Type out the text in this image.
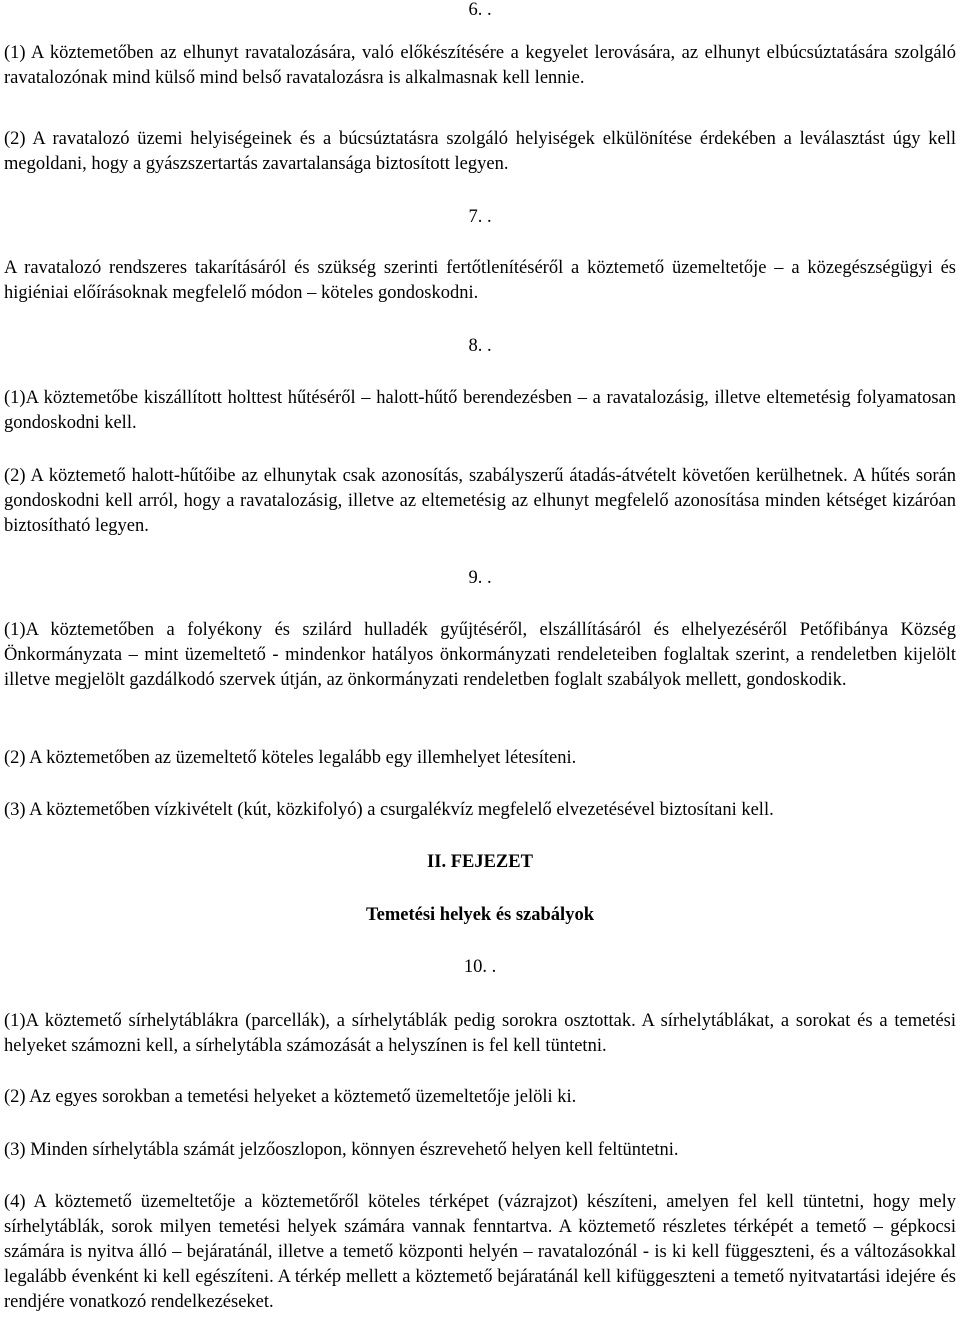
6. .

(1) A köztemetőben az elhunyt ravatalozására, való előkészítésére a kegyelet lerovására, az elhunyt elbúcsúztatására szolgáló ravatalozónak mind külső mind belső ravatalozásra is alkalmasnak kell lennie.

(2) A ravatalozó üzemi helyiségeinek és a búcsúztatásra szolgáló helyiségek elkülönítése érdekében a leválasztást úgy kell megoldani, hogy a gyászszertartás zavartalansága biztosított legyen.

7. .

A ravatalozó rendszeres takarításáról és szükség szerinti fertőtlenítéséről a köztemető üzemeltetője – a közegészségügyi és higiéniai előírásoknak megfelelő módon – köteles gondoskodni.

8. .

(1)A köztemetőbe kiszállított holttest hűtéséről – halott-hűtő berendezésben – a ravatalozásig, illetve eltemetésig folyamatosan gondoskodni kell.

(2) A köztemető halott-hűtőibe az elhunytak csak azonosítás, szabályszerű átadás-átvételt követően kerülhetnek. A hűtés során gondoskodni kell arról, hogy a ravatalozásig, illetve az eltemetésig az elhunyt megfelelő azonosítása minden kétséget kizáróan biztosítható legyen.

9. .

(1)A köztemetőben a folyékony és szilárd hulladék gyűjtéséről, elszállításáról és elhelyezéséről Petőfibánya Község Önkormányzata – mint üzemeltető - mindenkor hatályos önkormányzati rendeleteiben foglaltak szerint, a rendeletben kijelölt illetve megjelölt gazdálkodó szervek útján, az önkormányzati rendeletben foglalt szabályok mellett, gondoskodik.

(2) A köztemetőben az üzemeltető köteles legalább egy illemhelyet létesíteni.

(3) A köztemetőben vízkivételt (kút, közkifolyó) a csurgalékvíz megfelelő elvezetésével biztosítani kell.

II. FEJEZET

Temetési helyek és szabályok

10. .

(1)A köztemető sírhelytáblákra (parcellák), a sírhelytáblák pedig sorokra osztottak. A sírhelytáblákat, a sorokat és a temetési helyeket számozni kell, a sírhelytábla számozását a helyszínen is fel kell tüntetni.

(2) Az egyes sorokban a temetési helyeket a köztemető üzemeltetője jelöli ki.

(3) Minden sírhelytábla számát jelzőoszlopon, könnyen észrevehető helyen kell feltüntetni.

(4) A köztemető üzemeltetője a köztemetőről köteles térképet (vázrajzot) készíteni, amelyen fel kell tüntetni, hogy mely sírhelytáblák, sorok milyen temetési helyek számára vannak fenntartva. A köztemető részletes térképét a temető – gépkocsi számára is nyitva álló – bejáratánál, illetve a temető központi helyén – ravatalozónál - is ki kell függeszteni, és a változásokkal legalább évenként ki kell egészíteni. A térkép mellett a köztemető bejáratánál kell kifüggeszteni a temető nyitvatartási idejére és rendjére vonatkozó rendelkezéseket.
